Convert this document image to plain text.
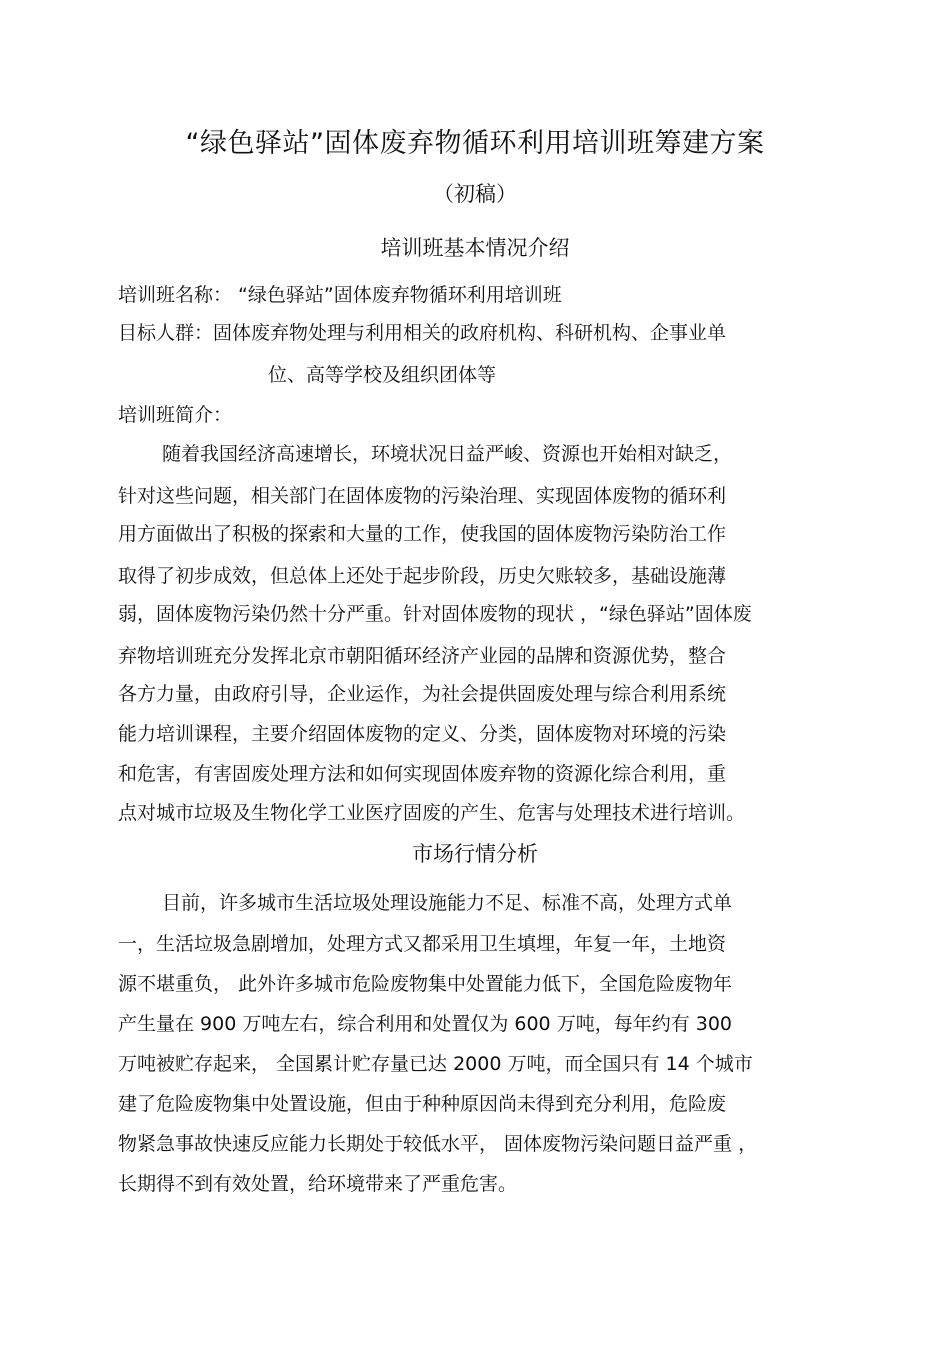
“绿色驿站”固体废弃物循环利用培训班筹建方案
（初稿）
培训班基本情况介绍
培训班名称： “绿色驿站”固体废弃物循环利用培训班
目标人群：固体废弃物处理与利用相关的政府机构、科研机构、企事业单
位、高等学校及组织团体等
培训班简介：
随着我国经济高速增长，环境状况日益严峻、资源也开始相对缺乏，
针对这些问题，相关部门在固体废物的污染治理、实现固体废物的循环利
用方面做出了积极的探索和大量的工作，使我国的固体废物污染防治工作
取得了初步成效，但总体上还处于起步阶段，历史欠账较多，基础设施薄
弱，固体废物污染仍然十分严重。针对固体废物的现状 ，“绿色驿站”固体废
弃物培训班充分发挥北京市朝阳循环经济产业园的品牌和资源优势，整合
各方力量，由政府引导，企业运作，为社会提供固废处理与综合利用系统
能力培训课程，主要介绍固体废物的定义、分类，固体废物对环境的污染
和危害，有害固废处理方法和如何实现固体废弃物的资源化综合利用，重
点对城市垃圾及生物化学工业医疗固废的产生、危害与处理技术进行培训。
市场行情分析
目前，许多城市生活垃圾处理设施能力不足、标准不高，处理方式单
一，生活垃圾急剧增加，处理方式又都采用卫生填埋，年复一年，土地资
源不堪重负， 此外许多城市危险废物集中处置能力低下，全国危险废物年
产生量在 900 万吨左右，综合利用和处置仅为 600 万吨，每年约有 300
万吨被贮存起来， 全国累计贮存量已达 2000 万吨，而全国只有 14 个城市
建了危险废物集中处置设施，但由于种种原因尚未得到充分利用，危险废
物紧急事故快速反应能力长期处于较低水平， 固体废物污染问题日益严重 ，
长期得不到有效处置，给环境带来了严重危害。
